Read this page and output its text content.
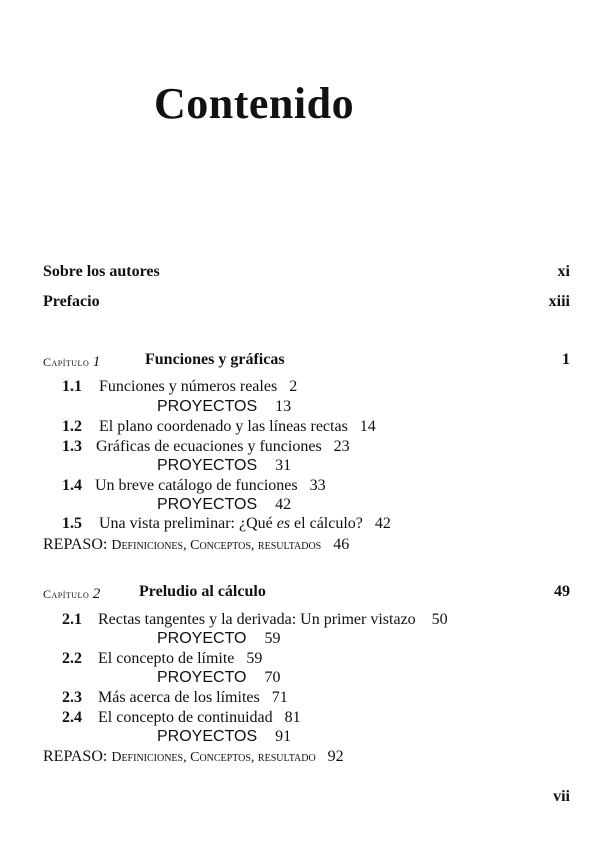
Contenido
Sobre los autores	xi
Prefacio	xiii
Capítulo 1	Funciones y gráficas	1
1.1 Funciones y números reales 2
PROYECTOS 13
1.2 El plano coordenado y las líneas rectas 14
1.3 Gráficas de ecuaciones y funciones 23
PROYECTOS 31
1.4 Un breve catálogo de funciones 33
PROYECTOS 42
1.5 Una vista preliminar: ¿Qué es el cálculo? 42
REPASO: Definiciones, Conceptos, resultados 46
Capítulo 2 Preludio al cálculo	49
2.1 Rectas tangentes y la derivada: Un primer vistazo 50
PROYECTO 59
2.2 El concepto de límite 59
PROYECTO 70
2.3 Más acerca de los límites 71
2.4 El concepto de continuidad 81
PROYECTOS 91
REPASO: Definiciones, Conceptos, resultado 92
vii
